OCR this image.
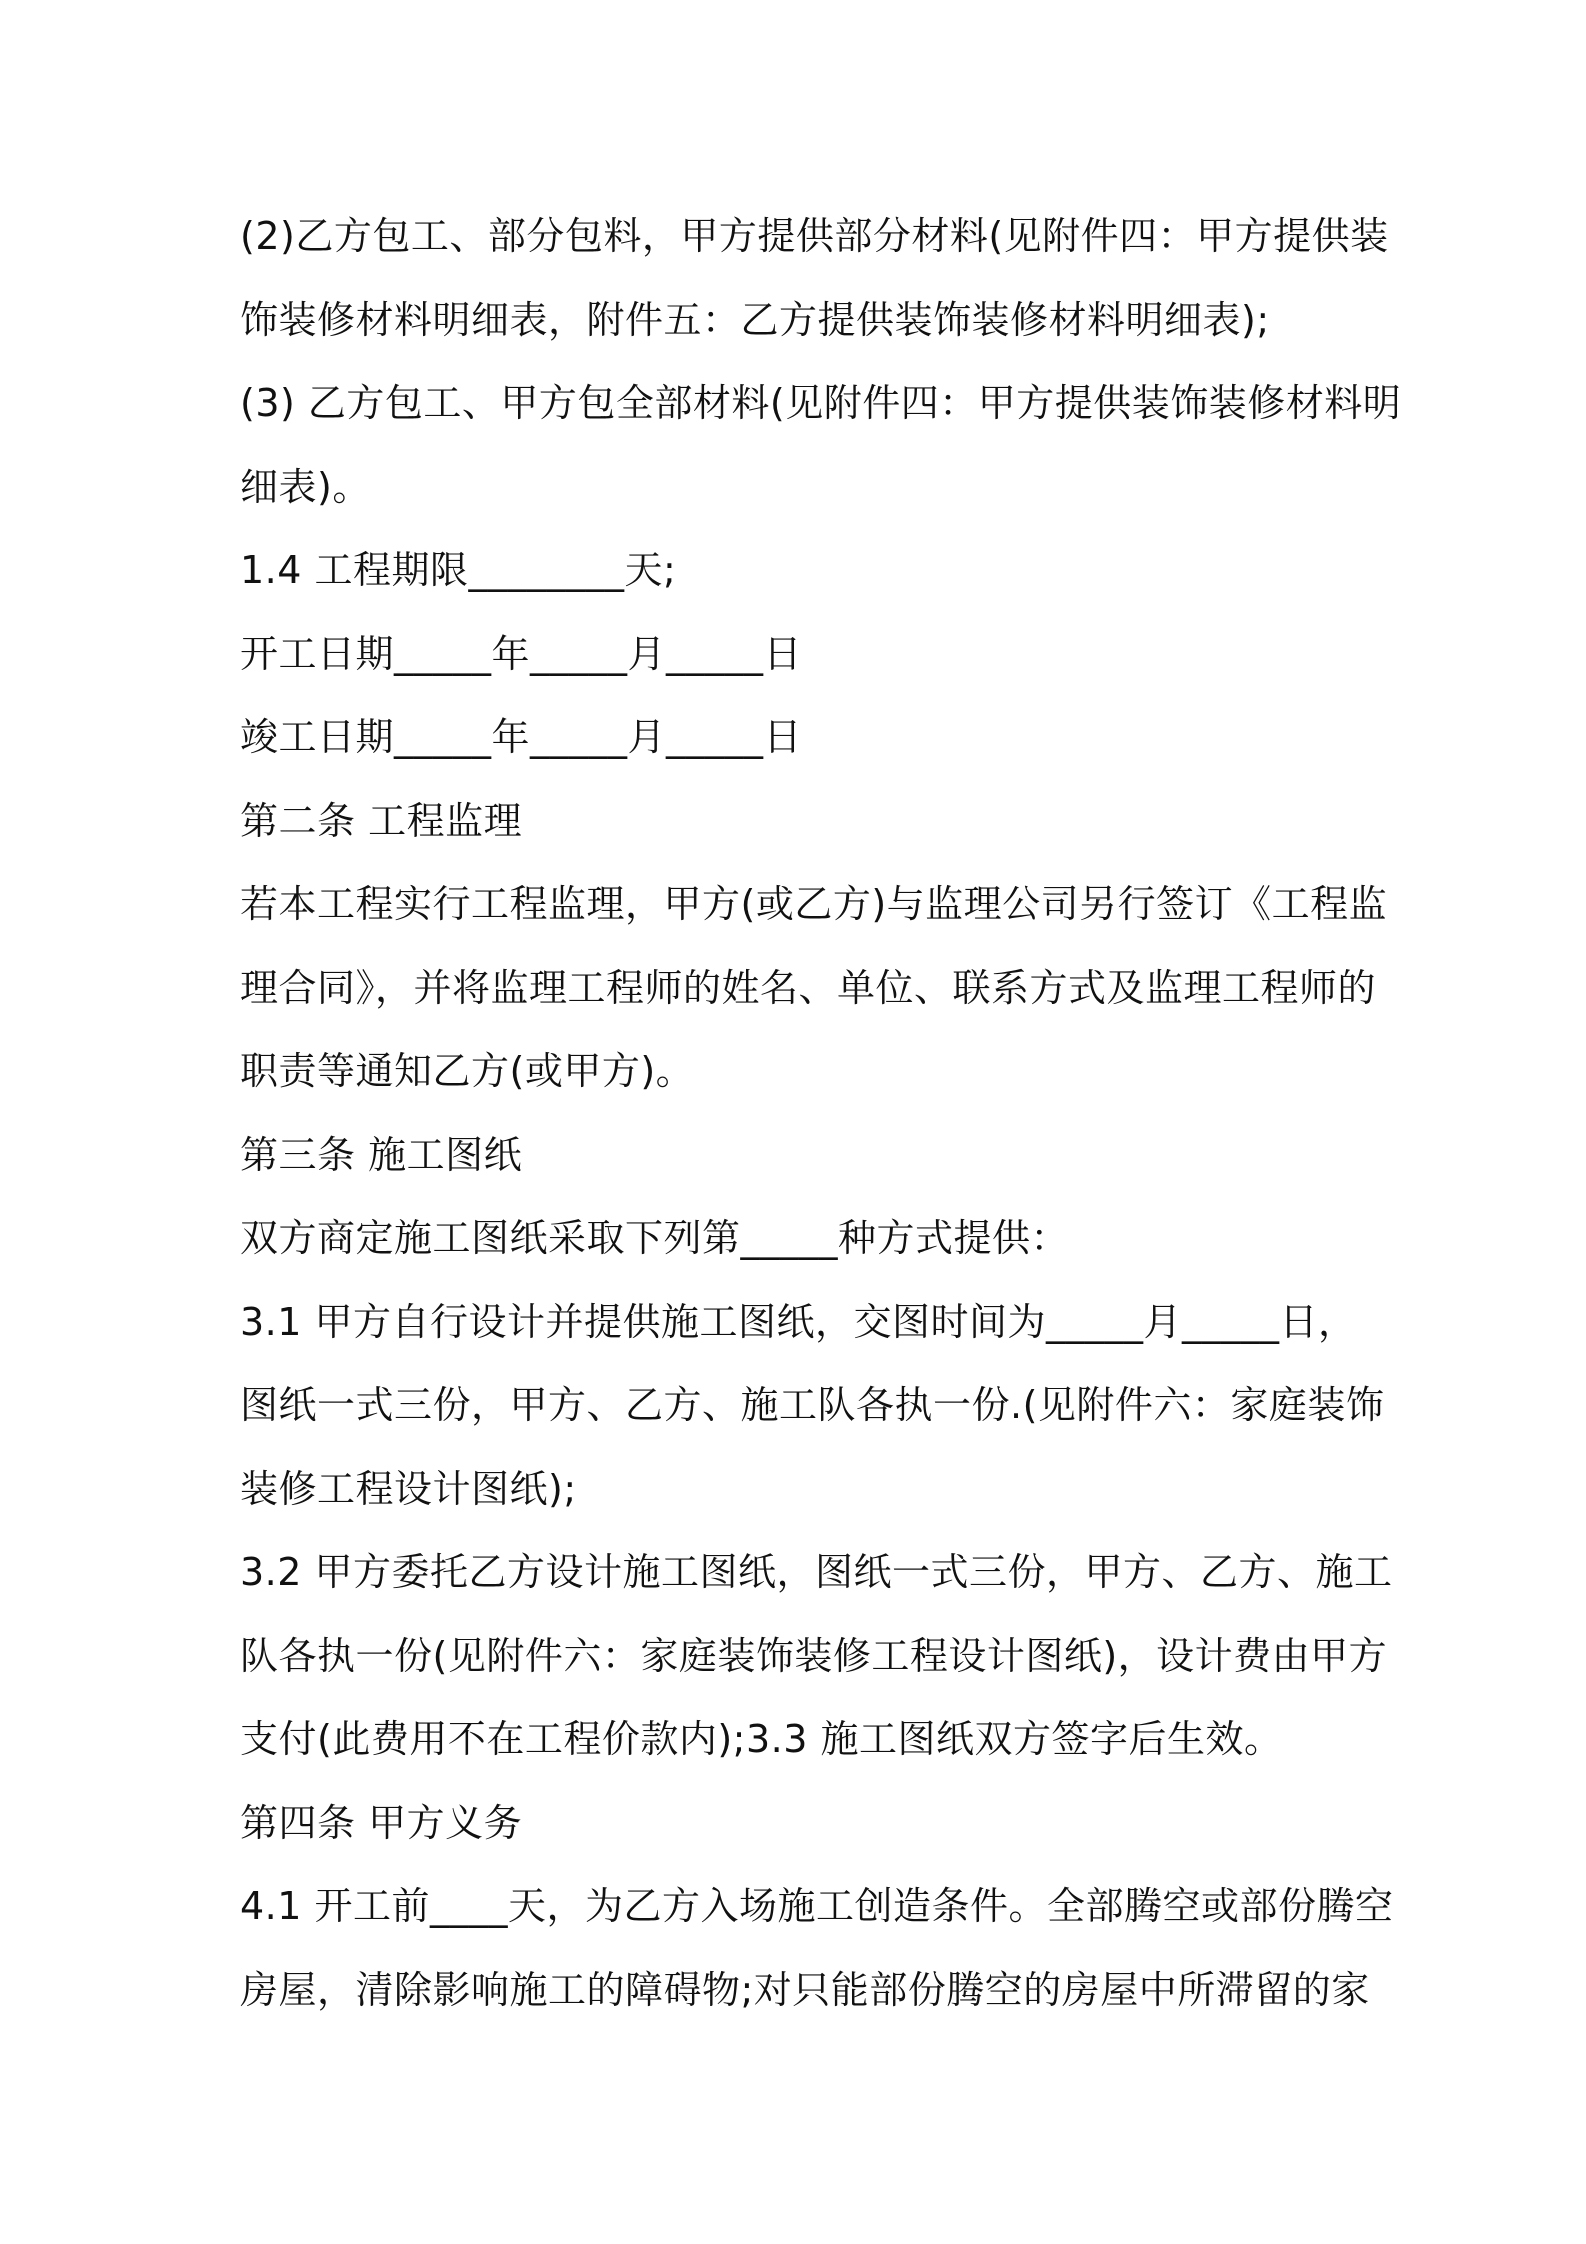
(2)乙方包工、部分包料，甲方提供部分材料(见附件四：甲方提供装
饰装修材料明细表，附件五：乙方提供装饰装修材料明细表);
(3) 乙方包工、甲方包全部材料(见附件四：甲方提供装饰装修材料明
细表)。
1.4 工程期限________天;
开工日期_____年_____月_____日
竣工日期_____年_____月_____日
第二条 工程监理
若本工程实行工程监理，甲方(或乙方)与监理公司另行签订《工程监
理合同》，并将监理工程师的姓名、单位、联系方式及监理工程师的
职责等通知乙方(或甲方)。
第三条 施工图纸
双方商定施工图纸采取下列第_____种方式提供：
3.1 甲方自行设计并提供施工图纸，交图时间为_____月_____日，
图纸一式三份，甲方、乙方、施工队各执一份.(见附件六：家庭装饰
装修工程设计图纸);
3.2 甲方委托乙方设计施工图纸，图纸一式三份，甲方、乙方、施工
队各执一份(见附件六：家庭装饰装修工程设计图纸)，设计费由甲方
支付(此费用不在工程价款内);3.3 施工图纸双方签字后生效。
第四条 甲方义务
4.1 开工前____天，为乙方入场施工创造条件。全部腾空或部份腾空
房屋，清除影响施工的障碍物;对只能部份腾空的房屋中所滞留的家
